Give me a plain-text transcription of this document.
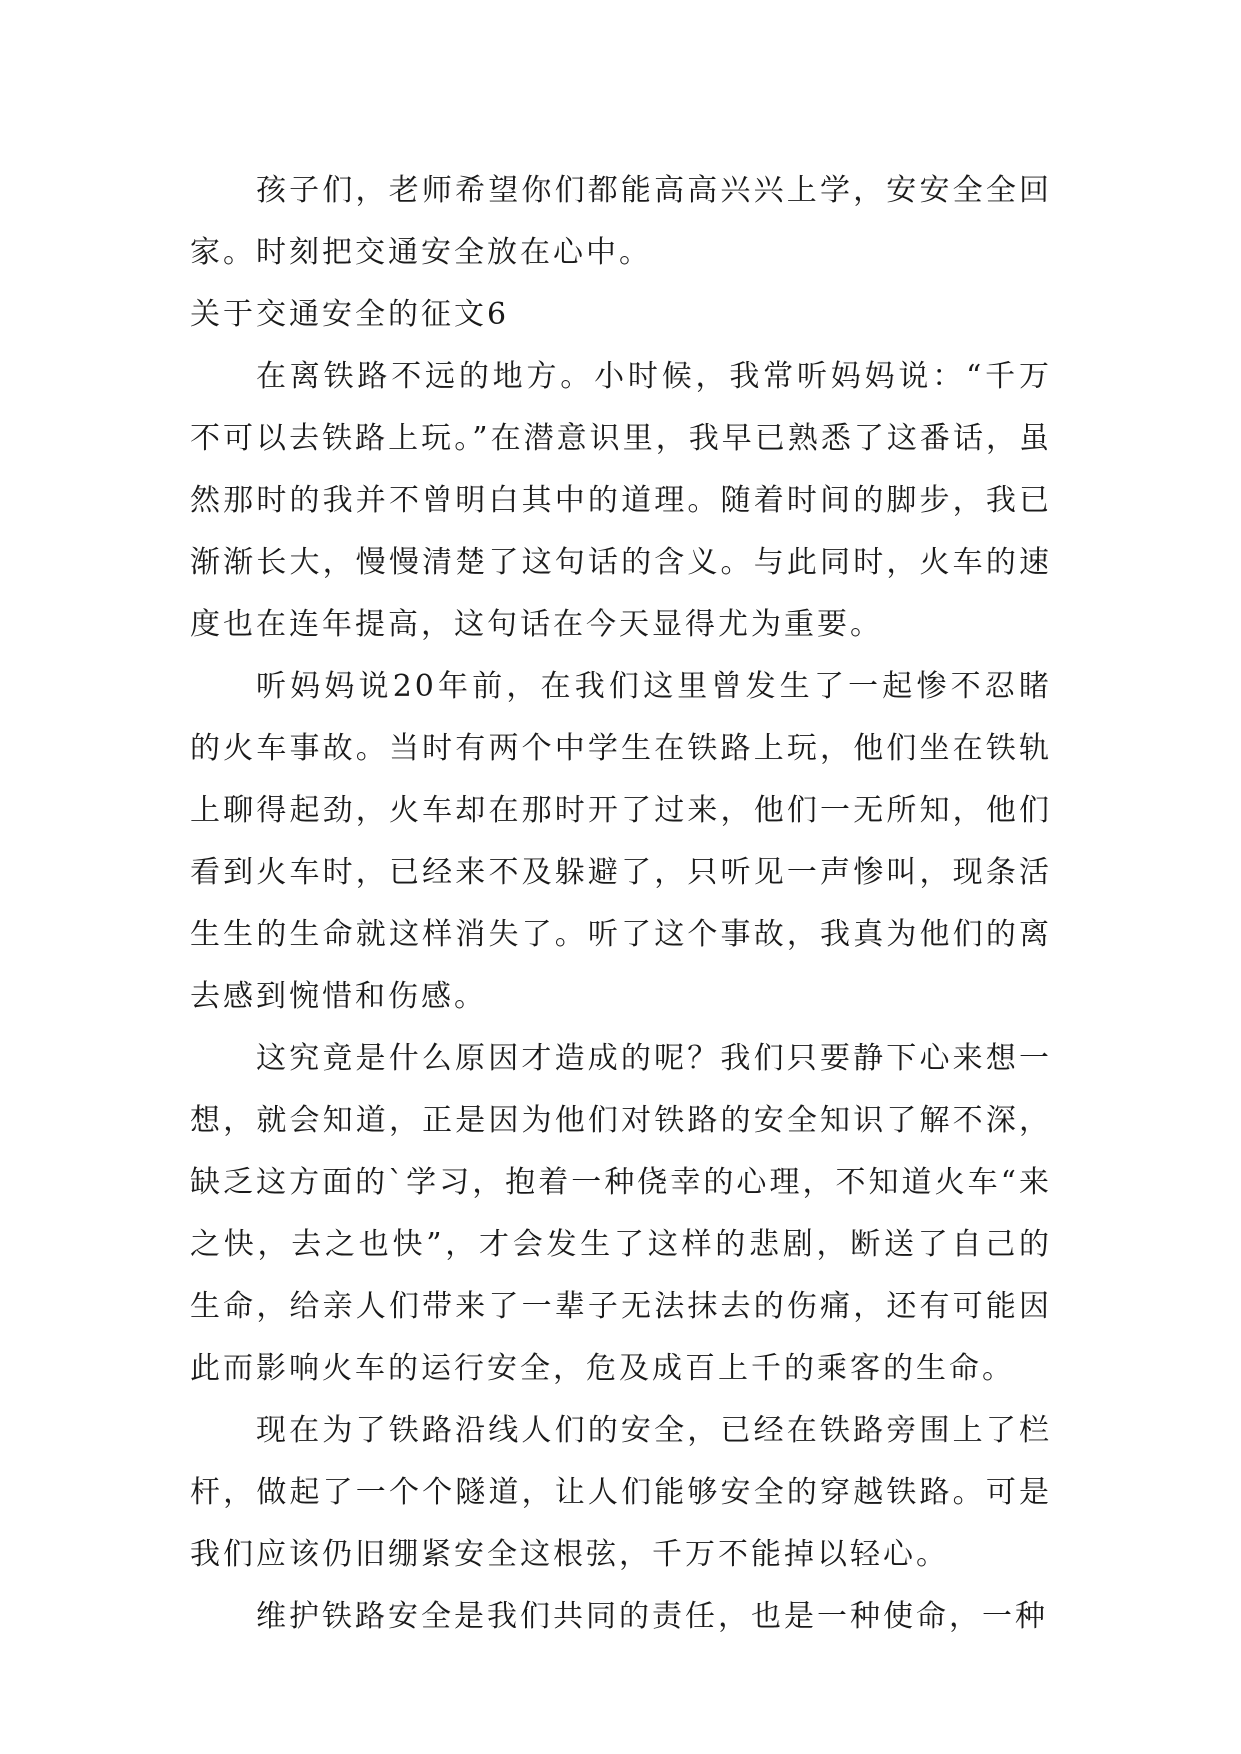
孩子们，老师希望你们都能高高兴兴上学，安安全全回家。时刻把交通安全放在心中。

关于交通安全的征文6

在离铁路不远的地方。小时候，我常听妈妈说：“千万不可以去铁路上玩。”在潜意识里，我早已熟悉了这番话，虽然那时的我并不曾明白其中的道理。随着时间的脚步，我已渐渐长大，慢慢清楚了这句话的含义。与此同时，火车的速度也在连年提高，这句话在今天显得尤为重要。

听妈妈说20年前，在我们这里曾发生了一起惨不忍睹的火车事故。当时有两个中学生在铁路上玩，他们坐在铁轨上聊得起劲，火车却在那时开了过来，他们一无所知，他们看到火车时，已经来不及躲避了，只听见一声惨叫，现条活生生的生命就这样消失了。听了这个事故，我真为他们的离去感到惋惜和伤感。

这究竟是什么原因才造成的呢？我们只要静下心来想一想，就会知道，正是因为他们对铁路的安全知识了解不深，缺乏这方面的`学习，抱着一种侥幸的心理，不知道火车“来之快，去之也快”，才会发生了这样的悲剧，断送了自己的生命，给亲人们带来了一辈子无法抹去的伤痛，还有可能因此而影响火车的运行安全，危及成百上千的乘客的生命。

现在为了铁路沿线人们的安全，已经在铁路旁围上了栏杆，做起了一个个隧道，让人们能够安全的穿越铁路。可是我们应该仍旧绷紧安全这根弦，千万不能掉以轻心。

维护铁路安全是我们共同的责任，也是一种使命，一种
